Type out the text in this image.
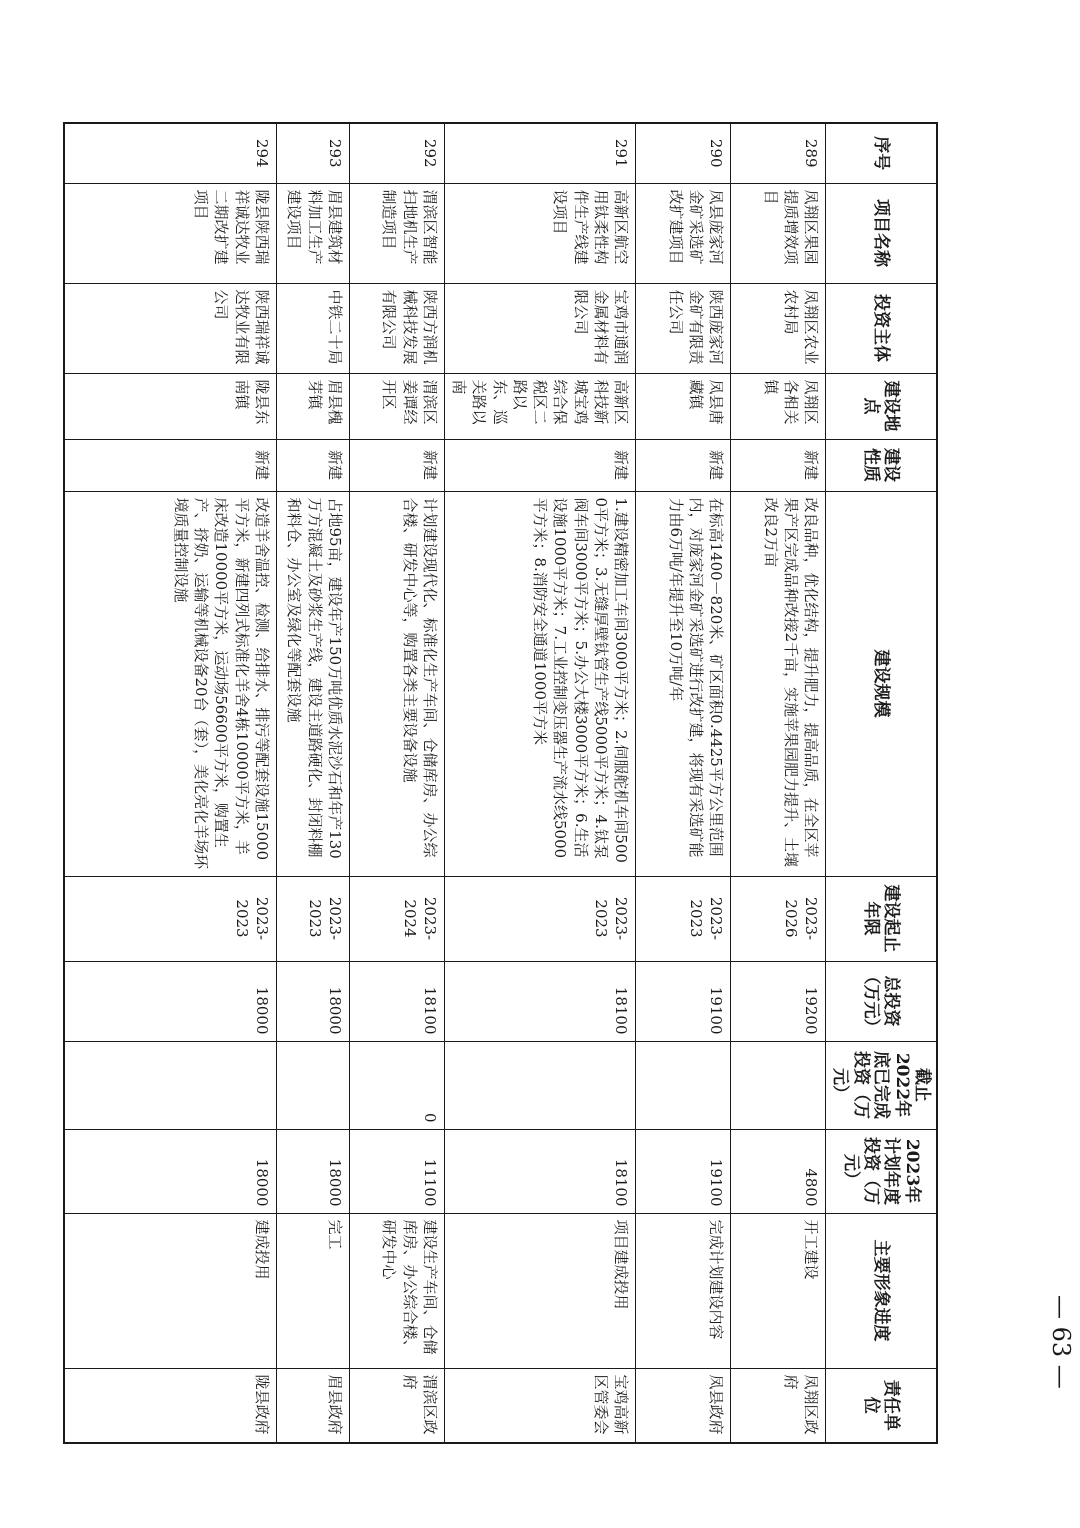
序号	项目名称	投资主体	建设地点	建设性质	建设规模	建设起止年限	总投资（万元）	截止2022年底已完成投资（万元）	2023年计划年度投资（万元）	主要形象进度	责任单位
289	凤翔区果园提质增效项目	凤翔区农业农村局	凤翔区各相关镇	新建	改良品种，优化结构，提升肥力，提高品质，在全区苹果产区完成品种改接2千亩，实施苹果园肥力提升、土壤改良2万亩	2023-2026	19200		4800	开工建设	凤翔区政府
290	凤县庞家河金矿采选矿改扩建项目	陕西庞家河金矿有限责任公司	凤县唐藏镇	新建	在标高1400－820米、矿区面积0.4425平方公里范围内，对庞家河金矿采选矿进行改扩建，将现有采选矿能力由6万吨/年提升至10万吨/年	2023-2023	19100		19100	完成计划建设内容	凤县政府
291	高新区航空用钛柔性构件生产线建设项目	宝鸡市通润金属材料有限公司	高新区科技新城宝鸡综合保税区二路以东、巡关路以南	新建	1.建设精密加工车间3000平方米；2.伺服舵机车间5000平方米；3.无缝厚壁钛管生产线5000平方米；4.钛泵阀车间3000平方米；5.办公大楼3000平方米；6.生活设施1000平方米；7.工业控制变压器生产流水线5000平方米；8.消防安全通道1000平方米	2023-2023	18100		18100	项目建成投用	宝鸡高新区管委会
292	渭滨区智能扫地机生产制造项目	陕西方润机械科技发展有限公司	渭滨区姜谭经开区	新建	计划建设现代化、标准化生产车间、仓储库房、办公综合楼、研发中心等，购置各类主要设备设施	2023-2024	18100	0	11100	建设生产车间、仓储库房、办公综合楼、研发中心	渭滨区政府
293	眉县建筑材料加工生产建设项目	中铁二十局	眉县槐芽镇	新建	占地95亩，建设年产150万吨优质水泥沙石和年产130万方混凝土及砂浆生产线，建设主道路硬化、封闭料棚和料仓、办公室及绿化等配套设施	2023-2023	18000		18000	完工	眉县政府
294	陇县陕西瑞祥诚达牧业二期改扩建项目	陕西瑞祥诚达牧业有限公司	陇县东南镇	新建	改造羊舍温控、检测、给排水、排污等配套设施15000平方米，新建四列式标准化羊舍4栋10000平方米，羊床改造10000平方米，运动场56600平方米，购置生产、挤奶、运输等机械设备20台（套），美化亮化羊场环境质量控制设施	2023-2023	18000		18000	建成投用	陇县政府
— 63 —
